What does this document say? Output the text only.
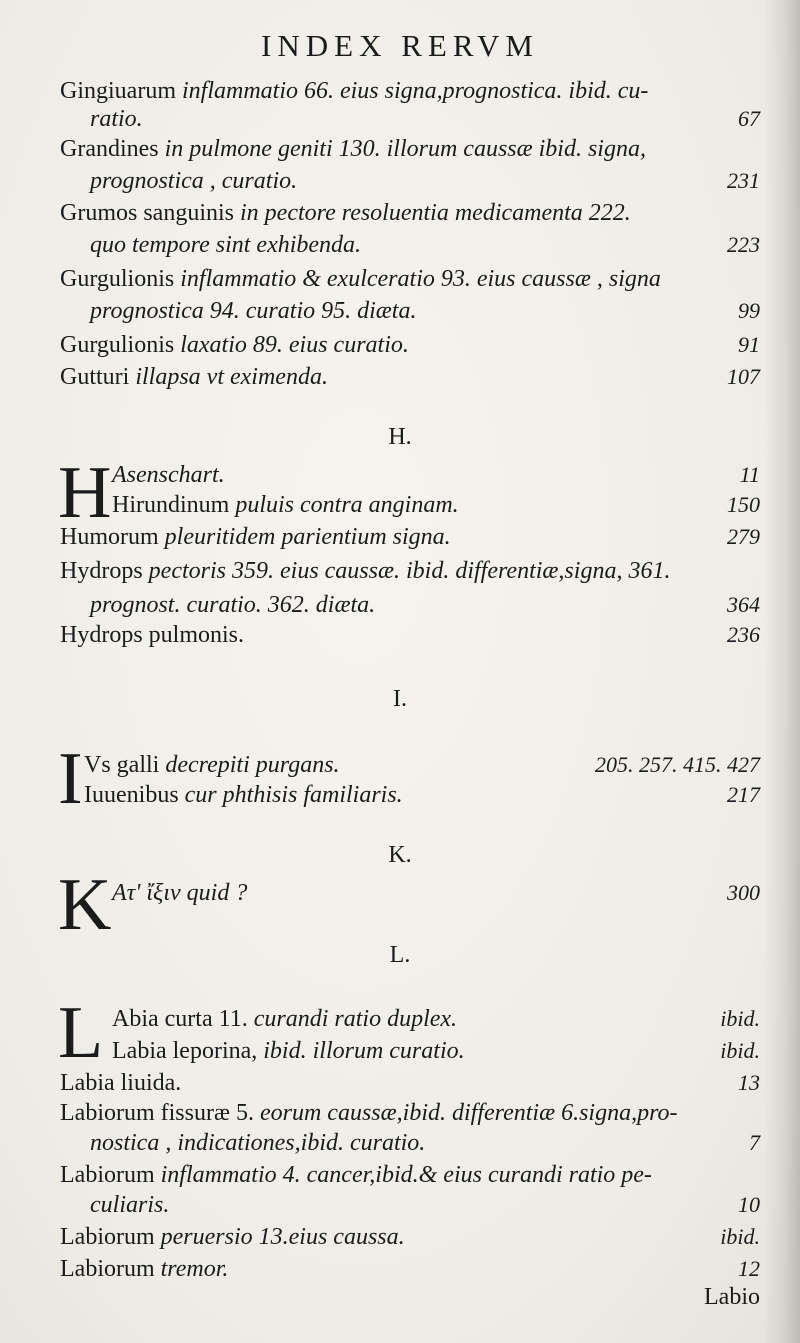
INDEX RERVM
Gingiuarum inflammatio 66. eius signa,prognostica. ibid. cu-
ratio.	67
Grandines in pulmone geniti 130. illorum caussæ ibid. signa,
prognostica , curatio.	231
Grumos sanguinis in pectore resoluentia medicamenta 222.
quo tempore sint exhibenda.	223
Gurgulionis inflammatio & exulceratio 93. eius caussæ , signa
prognostica 94. curatio 95. diæta.	99
Gurgulionis laxatio 89. eius curatio.	91
Gutturi illapsa vt eximenda.	107
H.
H Asenschart.	11
Hirundinum puluis contra anginam.	150
Humorum pleuritidem parientium signa.	279
Hydrops pectoris 359. eius caussæ. ibid. differentiæ,signa, 361.
prognost. curatio. 362. diæta.	364
Hydrops pulmonis.	236
I.
I Vs galli decrepiti purgans.	205. 257. 415. 427
Iuuenibus cur phthisis familiaris.	217
K.
K Ατ' ἴξιν quid ?	300
L.
L Abia curta 11. curandi ratio duplex.	ibid.
Labia leporina, ibid. illorum curatio.	ibid.
Labia liuida.	13
Labiorum fissuræ 5. eorum caussæ,ibid. differentiæ 6.signa,pro-
nostica , indicationes,ibid. curatio.	7
Labiorum inflammatio 4. cancer,ibid.& eius curandi ratio pe-
culiaris.	10
Labiorum peruersio 13.eius caussa.	ibid.
Labiorum tremor.	12
Labio
